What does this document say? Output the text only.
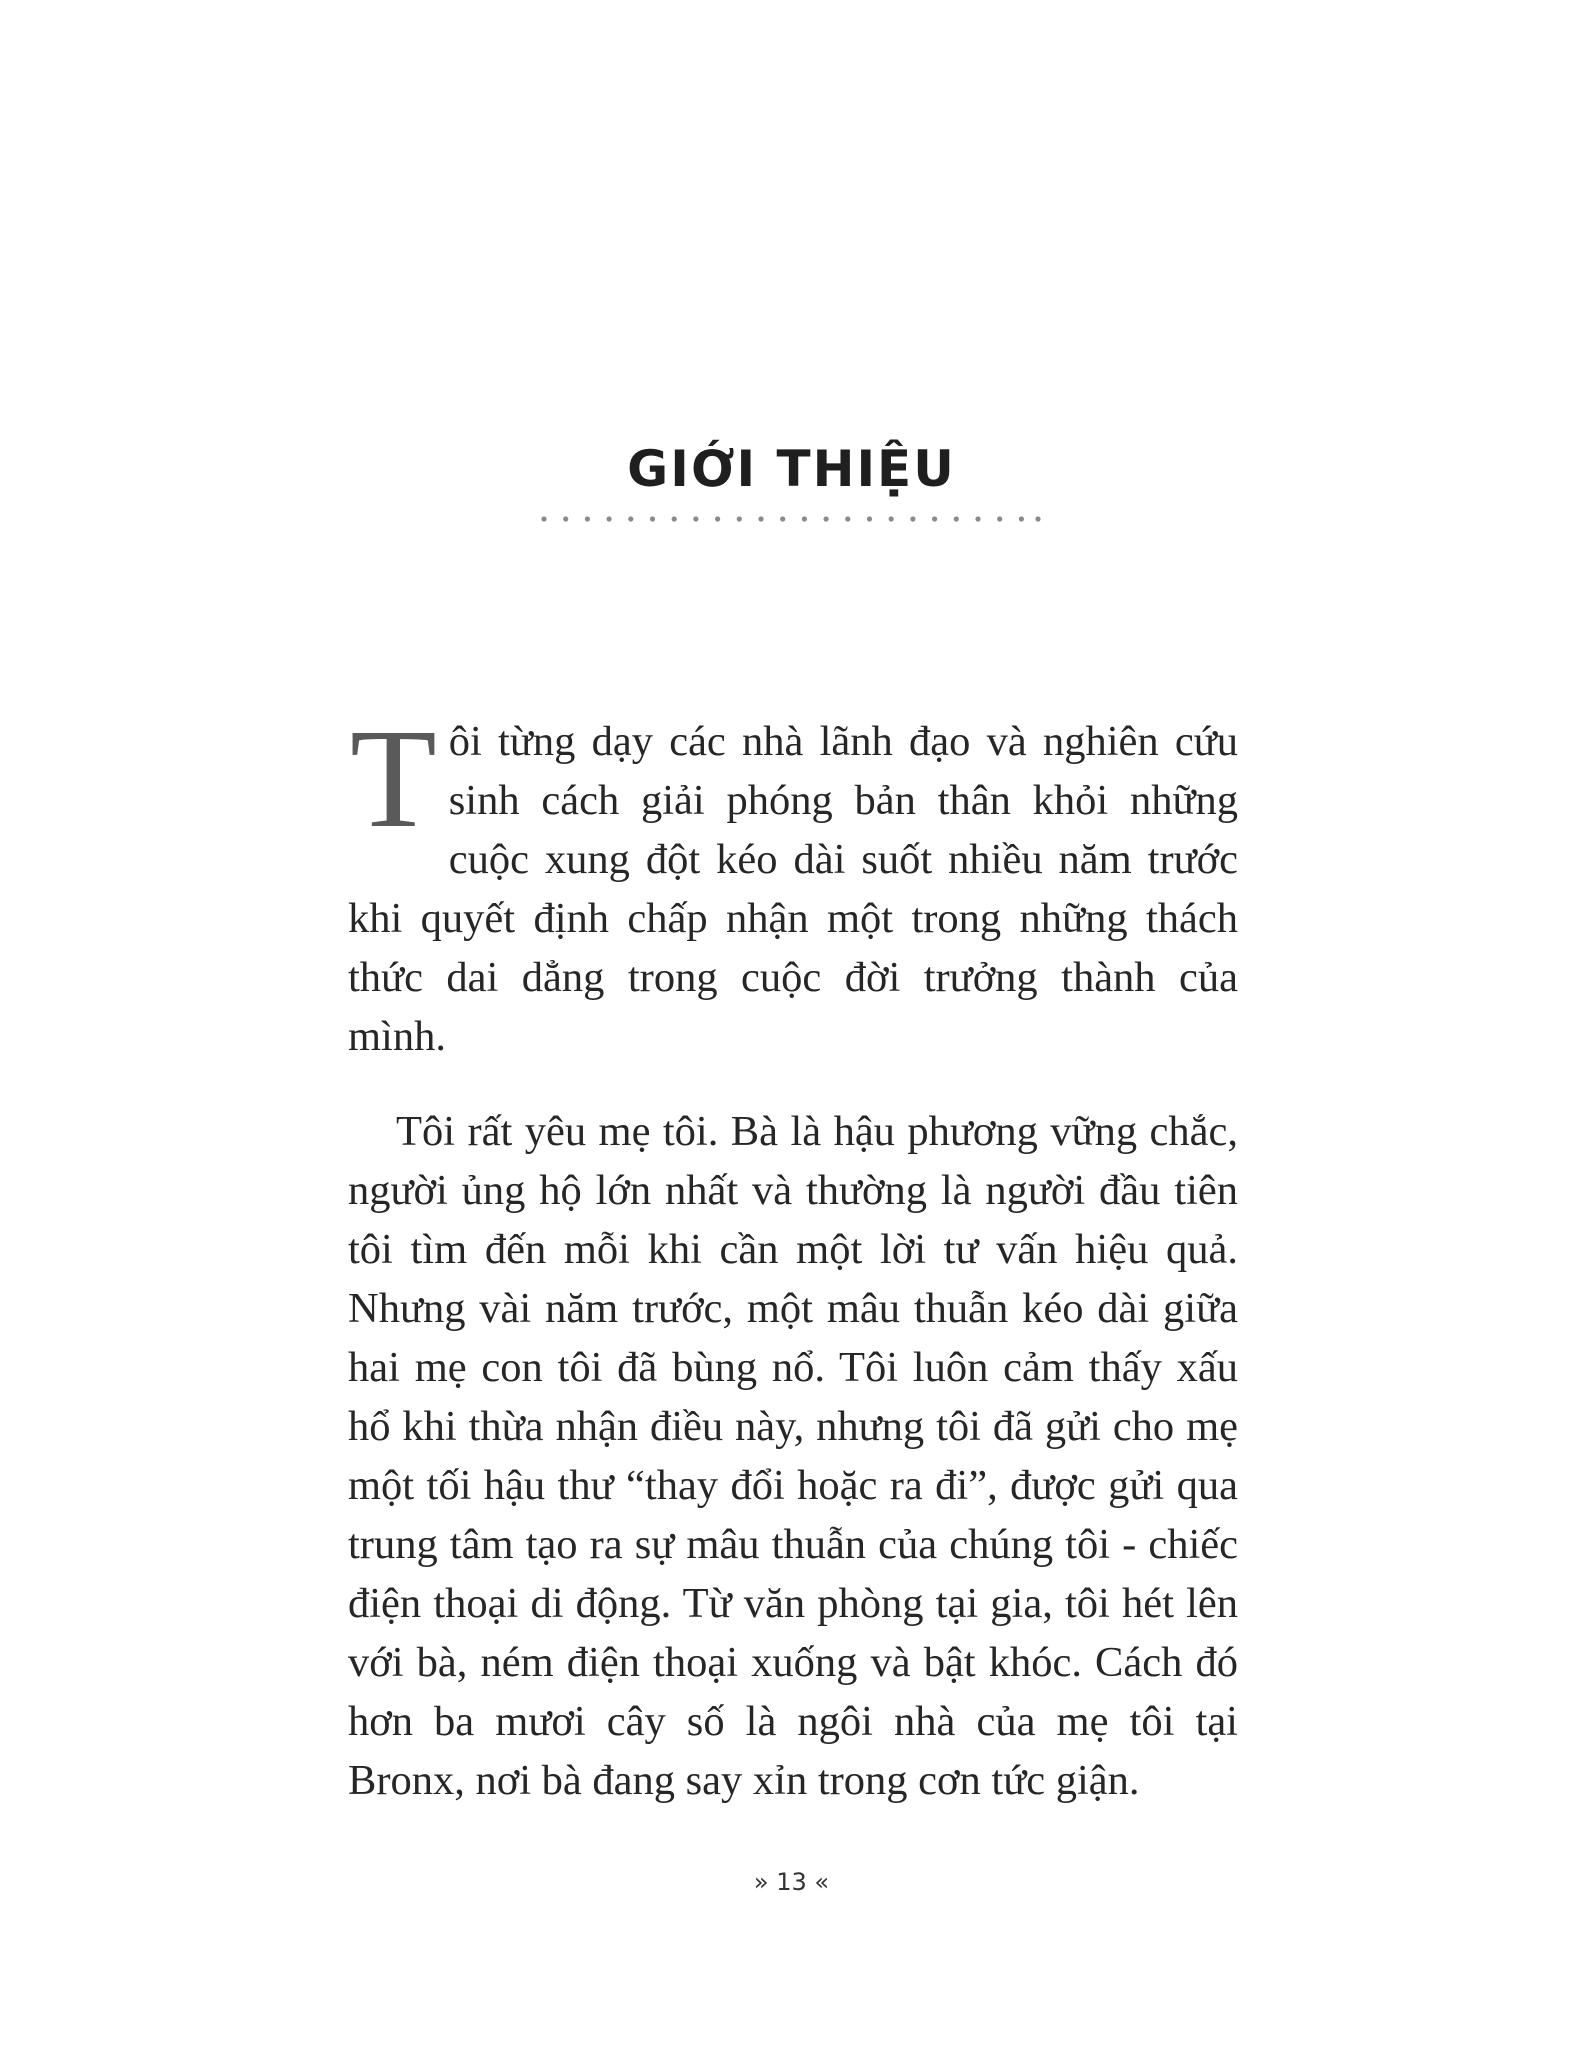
GIỚI THIỆU

Tôi từng dạy các nhà lãnh đạo và nghiên cứu sinh cách giải phóng bản thân khỏi những cuộc xung đột kéo dài suốt nhiều năm trước khi quyết định chấp nhận một trong những thách thức dai dẳng trong cuộc đời trưởng thành của mình.

Tôi rất yêu mẹ tôi. Bà là hậu phương vững chắc, người ủng hộ lớn nhất và thường là người đầu tiên tôi tìm đến mỗi khi cần một lời tư vấn hiệu quả. Nhưng vài năm trước, một mâu thuẫn kéo dài giữa hai mẹ con tôi đã bùng nổ. Tôi luôn cảm thấy xấu hổ khi thừa nhận điều này, nhưng tôi đã gửi cho mẹ một tối hậu thư “thay đổi hoặc ra đi”, được gửi qua trung tâm tạo ra sự mâu thuẫn của chúng tôi - chiếc điện thoại di động. Từ văn phòng tại gia, tôi hét lên với bà, ném điện thoại xuống và bật khóc. Cách đó hơn ba mươi cây số là ngôi nhà của mẹ tôi tại Bronx, nơi bà đang say xỉn trong cơn tức giận.

» 13 «
